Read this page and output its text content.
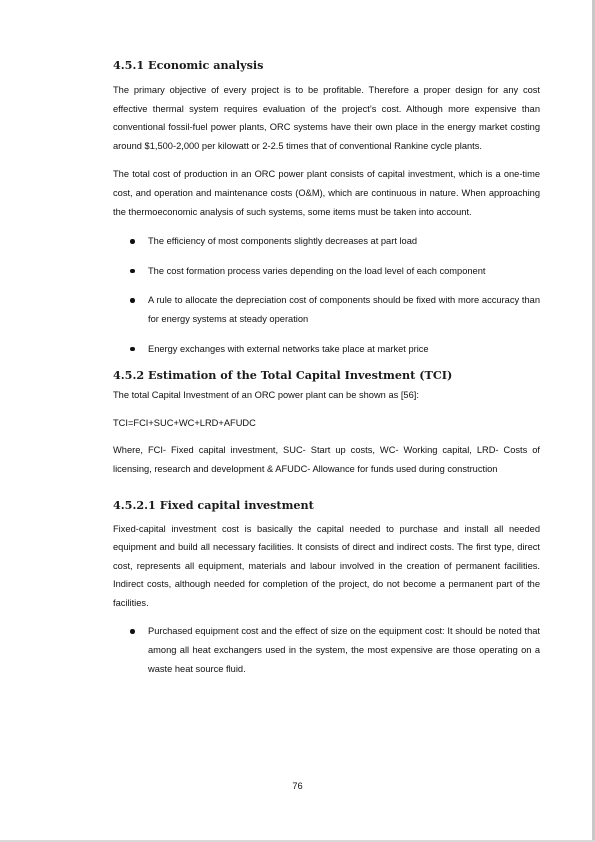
4.5.1 Economic analysis

The primary objective of every project is to be profitable. Therefore a proper design for any cost effective thermal system requires evaluation of the project’s cost. Although more expensive than conventional fossil-fuel power plants, ORC systems have their own place in the energy market costing around $1,500-2,000 per kilowatt or 2-2.5 times that of conventional Rankine cycle plants.

The total cost of production in an ORC power plant consists of capital investment, which is a one-time cost, and operation and maintenance costs (O&M), which are continuous in nature. When approaching the thermoeconomic analysis of such systems, some items must be taken into account.

The efficiency of most components slightly decreases at part load
The cost formation process varies depending on the load level of each component
A rule to allocate the depreciation cost of components should be fixed with more accuracy than for energy systems at steady operation
Energy exchanges with external networks take place at market price
4.5.2 Estimation of the Total Capital Investment (TCI)

The total Capital Investment of an ORC power plant can be shown as [56]:

TCI=FCI+SUC+WC+LRD+AFUDC

Where, FCI- Fixed capital investment, SUC- Start up costs, WC- Working capital, LRD- Costs of licensing, research and development & AFUDC- Allowance for funds used during construction

4.5.2.1 Fixed capital investment

Fixed-capital investment cost is basically the capital needed to purchase and install all needed equipment and build all necessary facilities. It consists of direct and indirect costs. The first type, direct cost, represents all equipment, materials and labour involved in the creation of permanent facilities. Indirect costs, although needed for completion of the project, do not become a permanent part of the facilities.

Purchased equipment cost and the effect of size on the equipment cost: It should be noted that among all heat exchangers used in the system, the most expensive are those operating on a waste heat source fluid.
76
